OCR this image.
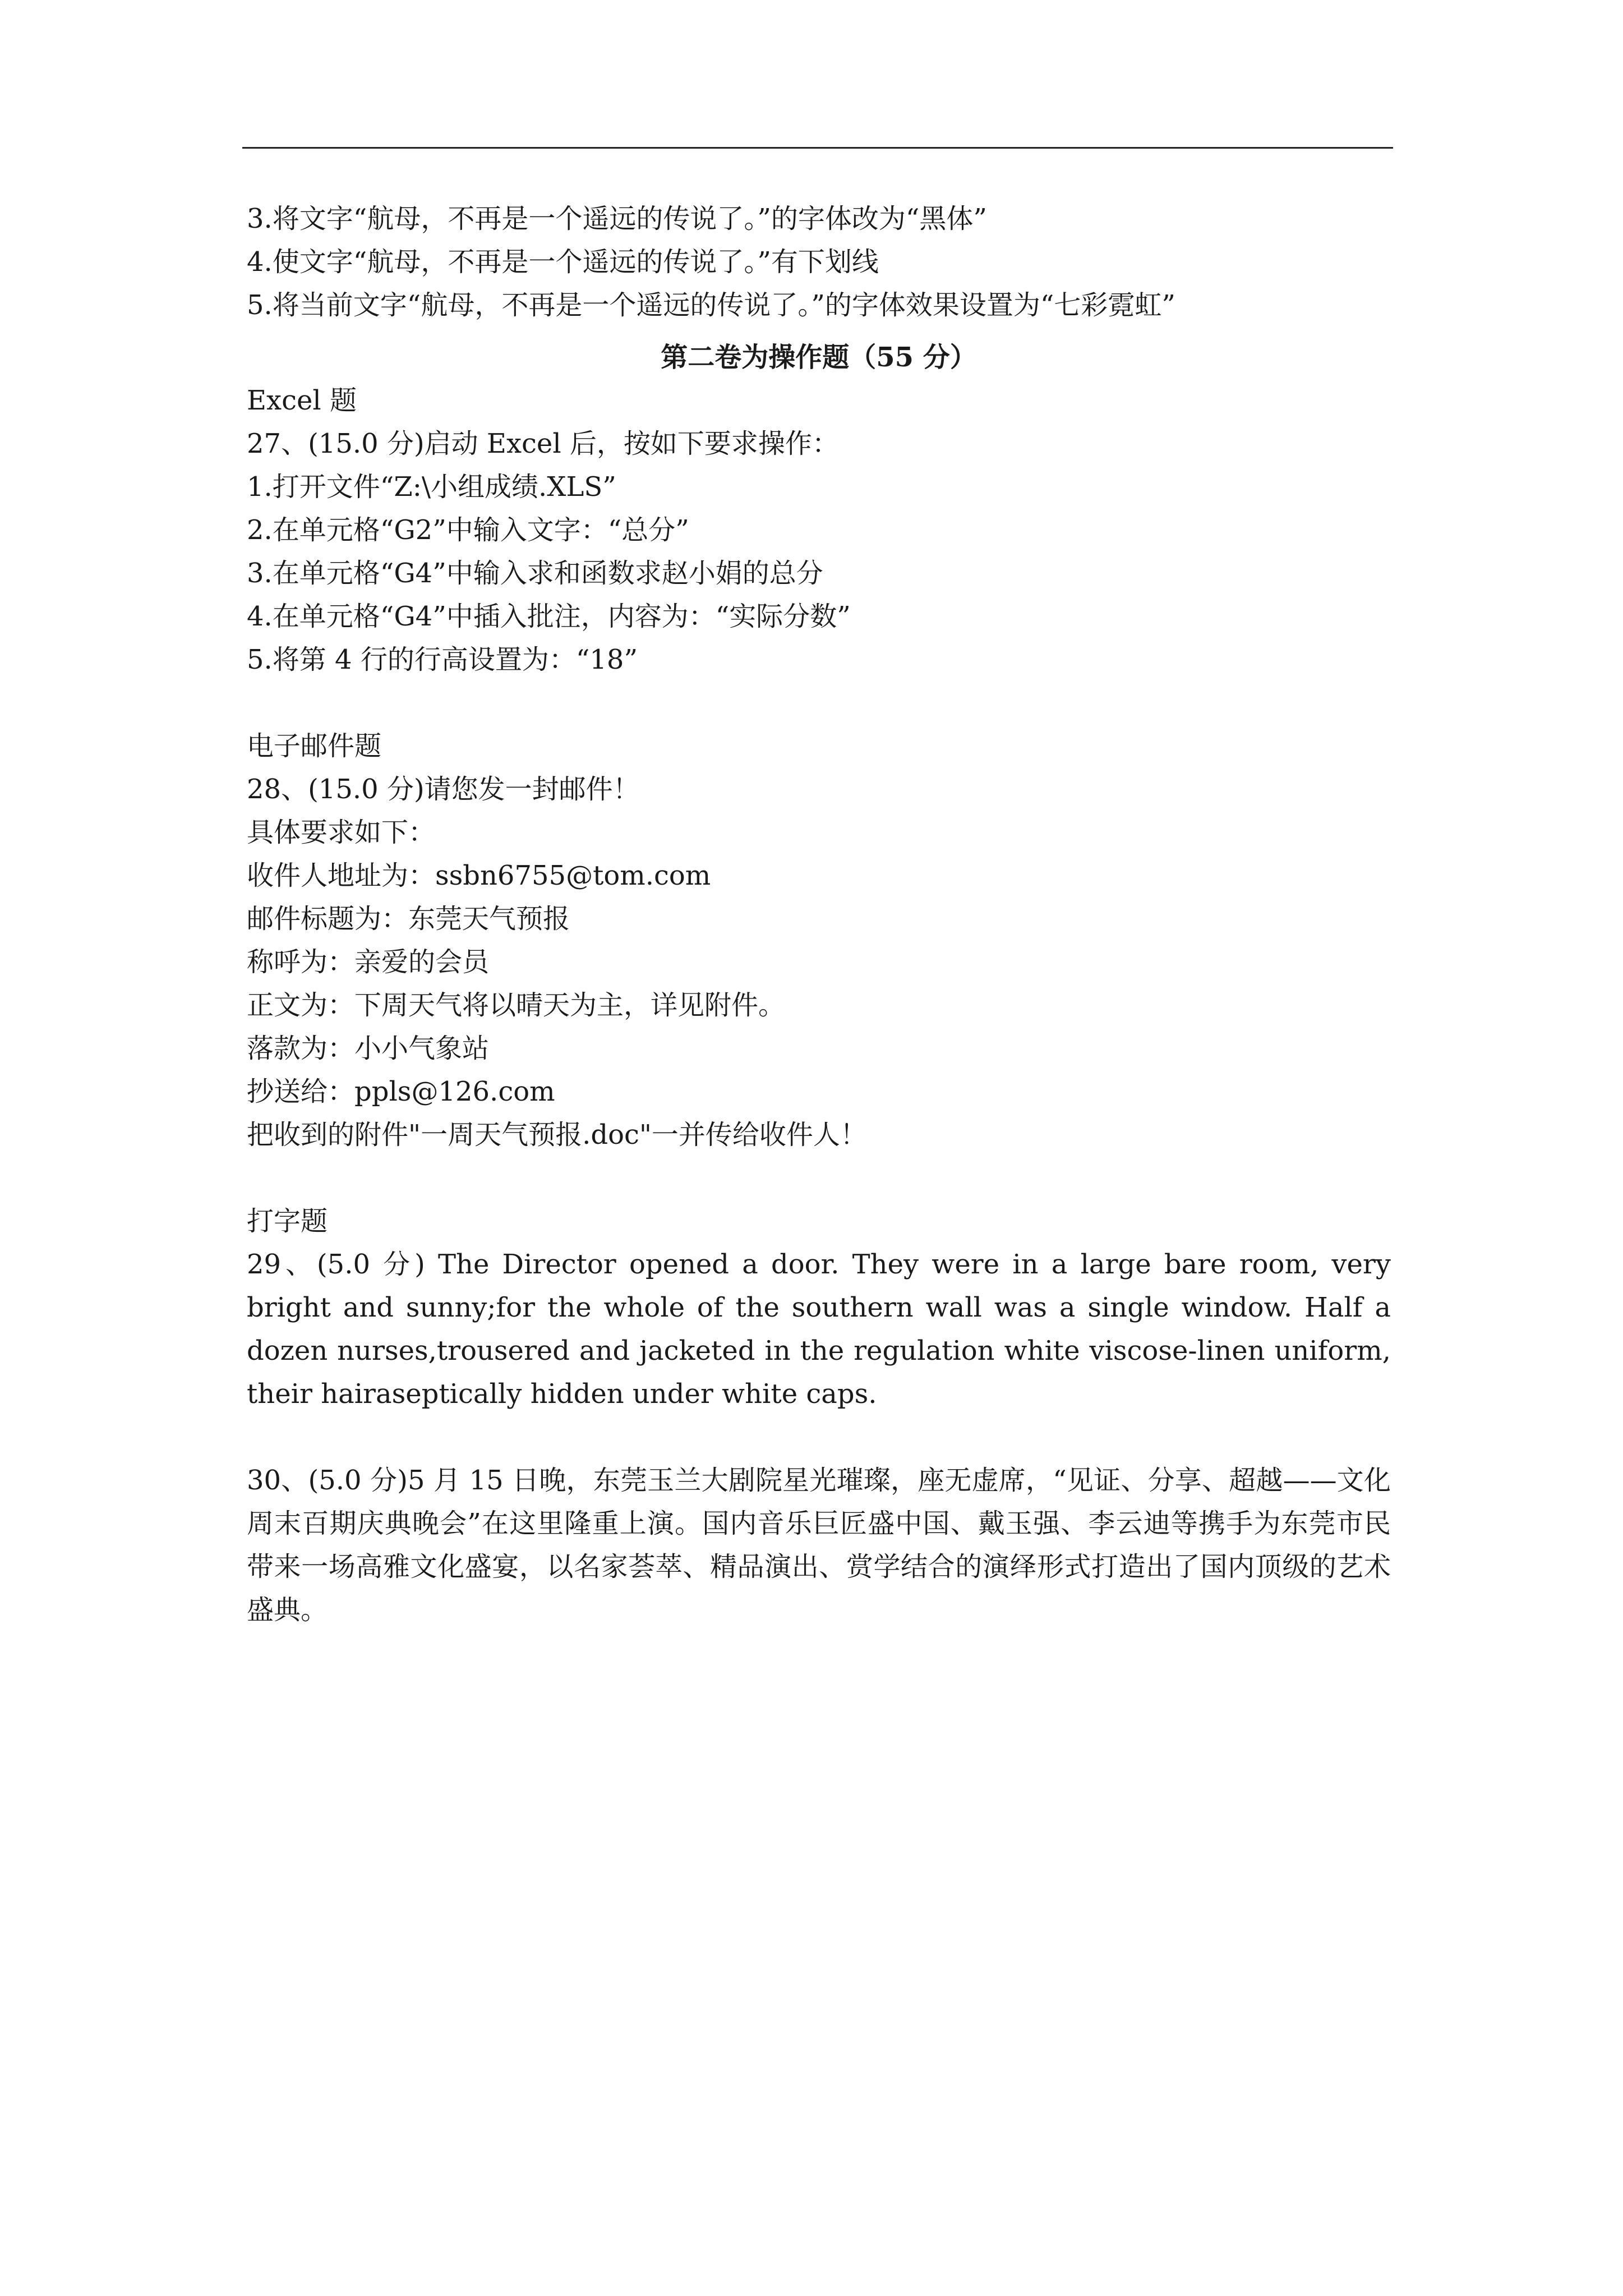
3.将文字“航母，不再是一个遥远的传说了。”的字体改为“黑体”
4.使文字“航母，不再是一个遥远的传说了。”有下划线
5.将当前文字“航母，不再是一个遥远的传说了。”的字体效果设置为“七彩霓虹”
第二卷为操作题（55 分）
Excel 题
27、(15.0 分)启动 Excel 后，按如下要求操作：
1.打开文件“Z:\小组成绩.XLS”
2.在单元格“G2”中输入文字：“总分”
3.在单元格“G4”中输入求和函数求赵小娟的总分
4.在单元格“G4”中插入批注，内容为：“实际分数”
5.将第 4 行的行高设置为：“18”
电子邮件题
28、(15.0 分)请您发一封邮件！
具体要求如下：
收件人地址为：ssbn6755@tom.com
邮件标题为：东莞天气预报
称呼为：亲爱的会员
正文为：下周天气将以晴天为主，详见附件。
落款为：小小气象站
抄送给：ppls@126.com
把收到的附件"一周天气预报.doc"一并传给收件人！
打字题
29、(5.0 分) The Director opened a door. They were in a large bare room, very bright and sunny;for the whole of the southern wall was a single window. Half a dozen nurses,trousered and jacketed in the regulation white viscose-linen uniform, their hairaseptically hidden under white caps.
30、(5.0 分)5 月 15 日晚，东莞玉兰大剧院星光璀璨，座无虚席，“见证、分享、超越——文化周末百期庆典晚会”在这里隆重上演。国内音乐巨匠盛中国、戴玉强、李云迪等携手为东莞市民带来一场高雅文化盛宴，以名家荟萃、精品演出、赏学结合的演绎形式打造出了国内顶级的艺术盛典。
